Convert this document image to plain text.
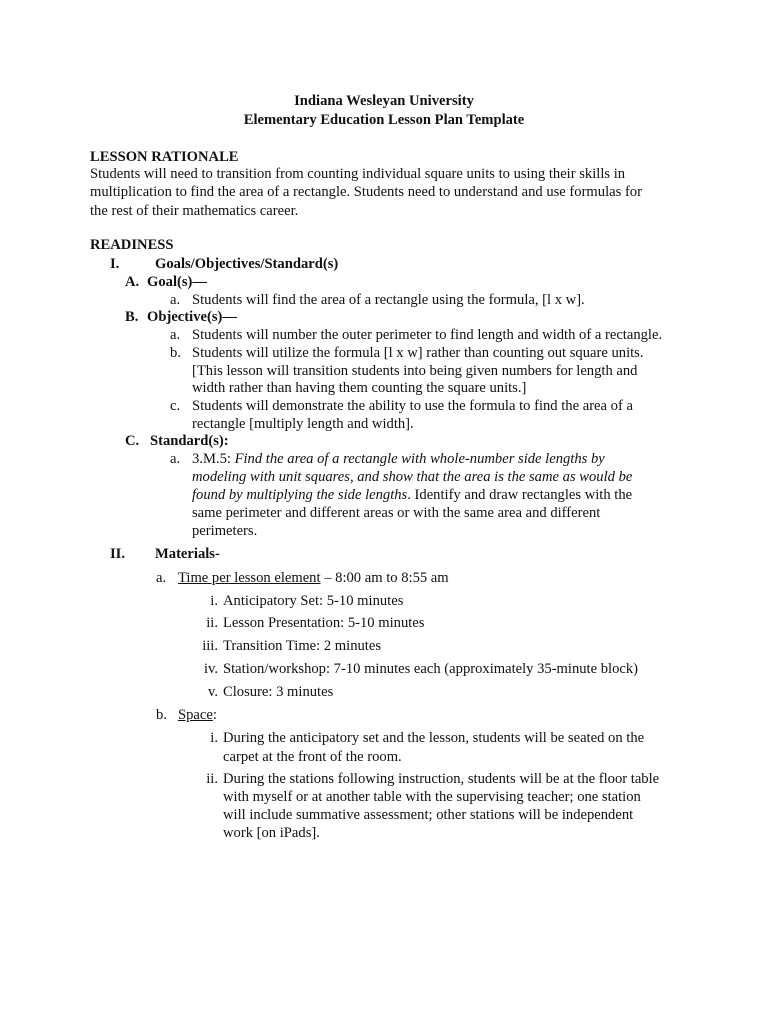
Indiana Wesleyan University
Elementary Education Lesson Plan Template
LESSON RATIONALE
Students will need to transition from counting individual square units to using their skills in
multiplication to find the area of a rectangle. Students need to understand and use formulas for
the rest of their mathematics career.
READINESS
I. Goals/Objectives/Standard(s)
A. Goal(s)—
a. Students will find the area of a rectangle using the formula, [l x w].
B. Objective(s)—
a. Students will number the outer perimeter to find length and width of a rectangle.
b. Students will utilize the formula [l x w] rather than counting out square units.
[This lesson will transition students into being given numbers for length and
width rather than having them counting the square units.]
c. Students will demonstrate the ability to use the formula to find the area of a
rectangle [multiply length and width].
C. Standard(s):
a. 3.M.5: Find the area of a rectangle with whole-number side lengths by
modeling with unit squares, and show that the area is the same as would be
found by multiplying the side lengths. Identify and draw rectangles with the
same perimeter and different areas or with the same area and different
perimeters.
II. Materials-
a. Time per lesson element – 8:00 am to 8:55 am
i. Anticipatory Set: 5-10 minutes
ii. Lesson Presentation: 5-10 minutes
iii. Transition Time: 2 minutes
iv. Station/workshop: 7-10 minutes each (approximately 35-minute block)
v. Closure: 3 minutes
b. Space:
i. During the anticipatory set and the lesson, students will be seated on the
carpet at the front of the room.
ii. During the stations following instruction, students will be at the floor table
with myself or at another table with the supervising teacher; one station
will include summative assessment; other stations will be independent
work [on iPads].
